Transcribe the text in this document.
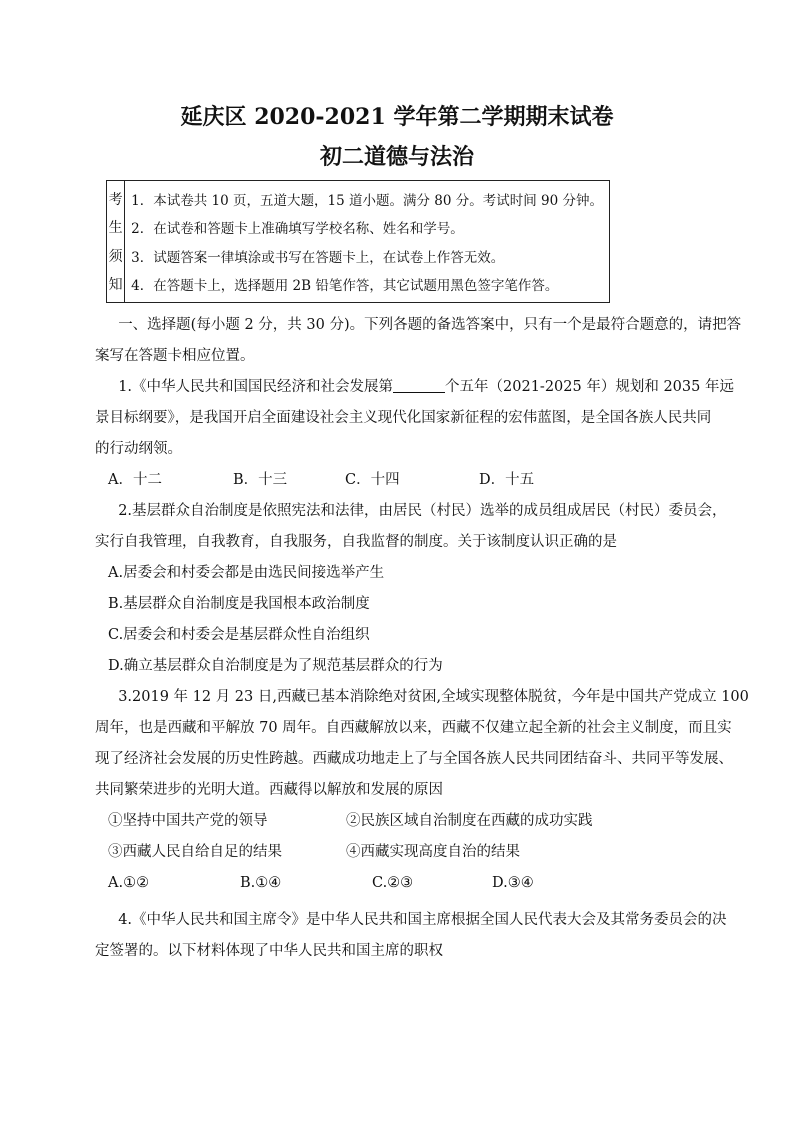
延庆区 2020-2021 学年第二学期期末试卷
初二道德与法治
考
生
须
知
1．本试卷共 10 页，五道大题，15 道小题。满分 80 分。考试时间 90 分钟。
2．在试卷和答题卡上准确填写学校名称、姓名和学号。
3．试题答案一律填涂或书写在答题卡上，在试卷上作答无效。
4．在答题卡上，选择题用 2B 铅笔作答，其它试题用黑色签字笔作答。
一、选择题(每小题 2 分，共 30 分)。下列各题的备选答案中，只有一个是最符合题意的，请把答
案写在答题卡相应位置。
1.《中华人民共和国国民经济和社会发展第	个五年（2021-2025 年）规划和 2035 年远
景目标纲要》，是我国开启全面建设社会主义现代化国家新征程的宏伟蓝图，是全国各族人民共同
的行动纲领。
A．十二	B．十三	C．十四	D．十五
2.基层群众自治制度是依照宪法和法律，由居民（村民）选举的成员组成居民（村民）委员会，
实行自我管理，自我教育，自我服务，自我监督的制度。关于该制度认识正确的是
A.居委会和村委会都是由选民间接选举产生
B.基层群众自治制度是我国根本政治制度
C.居委会和村委会是基层群众性自治组织
D.确立基层群众自治制度是为了规范基层群众的行为
3.2019 年 12 月 23 日,西藏已基本消除绝对贫困,全域实现整体脱贫，今年是中国共产党成立 100
周年，也是西藏和平解放 70 周年。自西藏解放以来，西藏不仅建立起全新的社会主义制度，而且实
现了经济社会发展的历史性跨越。西藏成功地走上了与全国各族人民共同团结奋斗、共同平等发展、
共同繁荣进步的光明大道。西藏得以解放和发展的原因
①坚持中国共产党的领导	②民族区域自治制度在西藏的成功实践
③西藏人民自给自足的结果	④西藏实现高度自治的结果
A.①②	B.①④	C.②③	D.③④
4.《中华人民共和国主席令》是中华人民共和国主席根据全国人民代表大会及其常务委员会的决
定签署的。以下材料体现了中华人民共和国主席的职权
